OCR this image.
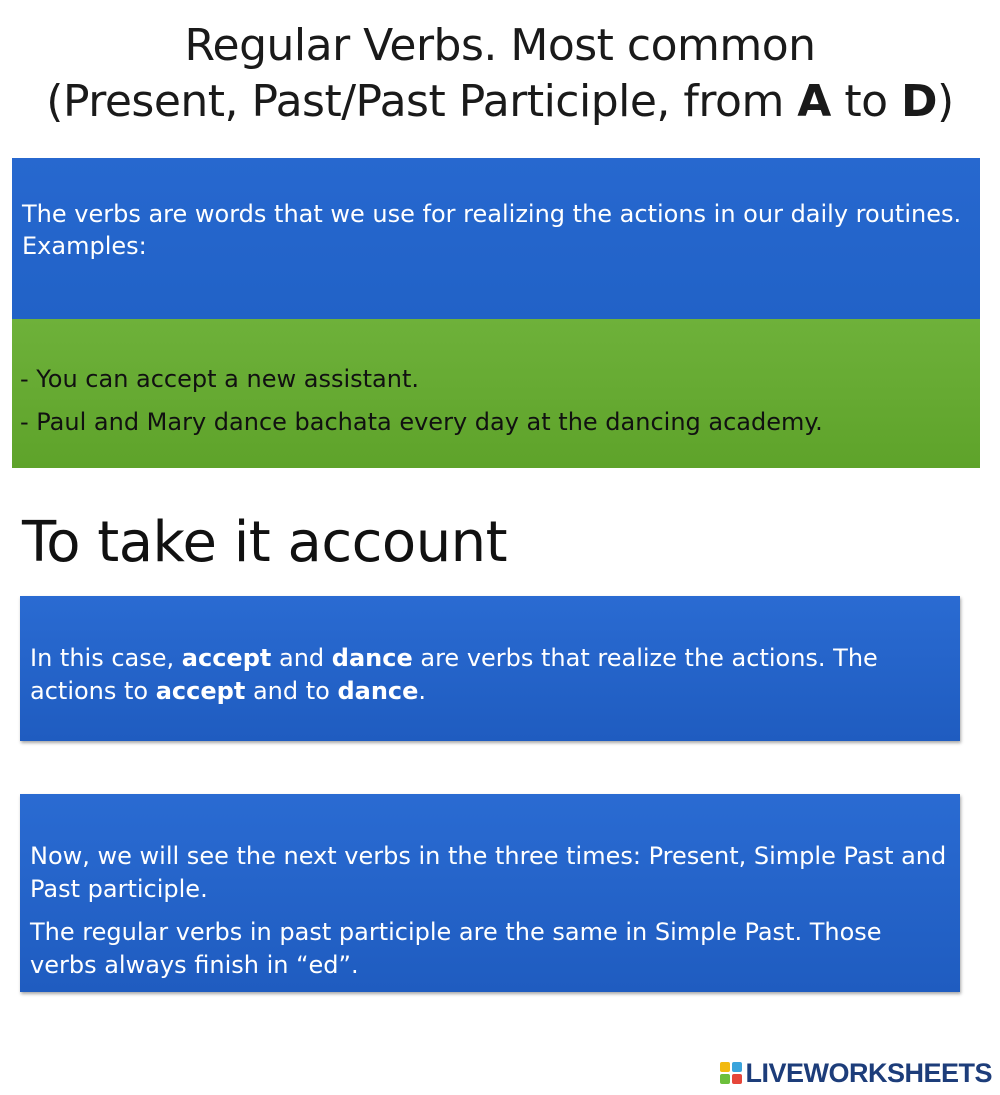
Regular Verbs. Most common
(Present, Past/Past Participle, from A to D)

The verbs are words that we use for realizing the actions in our daily routines.

Examples:

- You can accept a new assistant.

- Paul and Mary dance bachata every day at the dancing academy.

To take it account

In this case, accept and dance are verbs that realize the actions. The actions to accept and to dance.

Now, we will see the next verbs in the three times: Present, Simple Past and Past participle.

The regular verbs in past participle are the same in Simple Past. Those verbs always finish in “ed”.

LIVEWORKSHEETS
